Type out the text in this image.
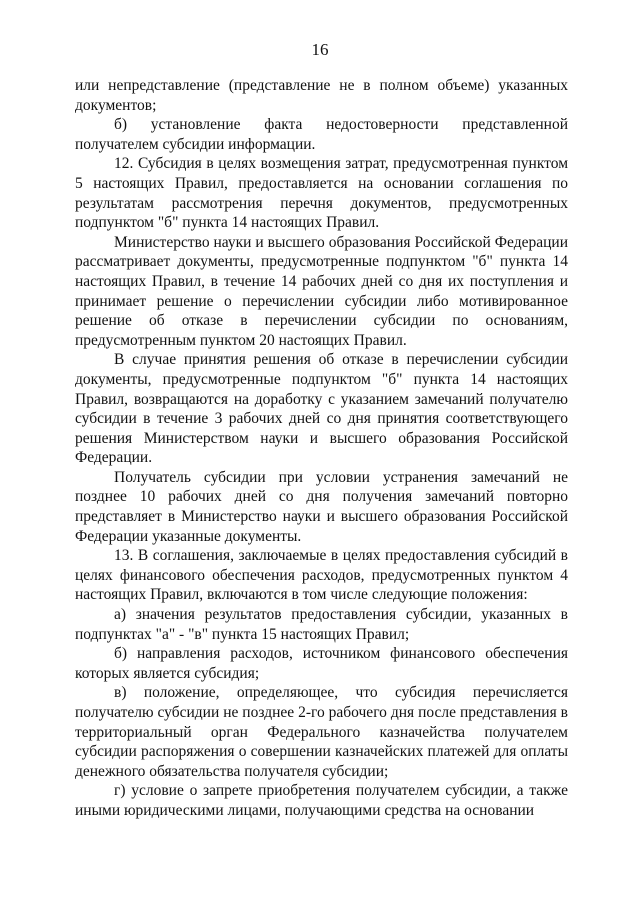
16

или непредставление (представление не в полном объеме) указанных документов;

б) установление факта недостоверности представленной получателем субсидии информации.

12. Субсидия в целях возмещения затрат, предусмотренная пунктом 5 настоящих Правил, предоставляется на основании соглашения по результатам рассмотрения перечня документов, предусмотренных подпунктом "б" пункта 14 настоящих Правил.

Министерство науки и высшего образования Российской Федерации рассматривает документы, предусмотренные подпунктом "б" пункта 14 настоящих Правил, в течение 14 рабочих дней со дня их поступления и принимает решение о перечислении субсидии либо мотивированное решение об отказе в перечислении субсидии по основаниям, предусмотренным пунктом 20 настоящих Правил.

В случае принятия решения об отказе в перечислении субсидии документы, предусмотренные подпунктом "б" пункта 14 настоящих Правил, возвращаются на доработку с указанием замечаний получателю субсидии в течение 3 рабочих дней со дня принятия соответствующего решения Министерством науки и высшего образования Российской Федерации.

Получатель субсидии при условии устранения замечаний не позднее 10 рабочих дней со дня получения замечаний повторно представляет в Министерство науки и высшего образования Российской Федерации указанные документы.

13. В соглашения, заключаемые в целях предоставления субсидий в целях финансового обеспечения расходов, предусмотренных пунктом 4 настоящих Правил, включаются в том числе следующие положения:

а) значения результатов предоставления субсидии, указанных в подпунктах "а" - "в" пункта 15 настоящих Правил;

б) направления расходов, источником финансового обеспечения которых является субсидия;

в) положение, определяющее, что субсидия перечисляется получателю субсидии не позднее 2-го рабочего дня после представления в территориальный орган Федерального казначейства получателем субсидии распоряжения о совершении казначейских платежей для оплаты денежного обязательства получателя субсидии;

г) условие о запрете приобретения получателем субсидии, а также иными юридическими лицами, получающими средства на основании
